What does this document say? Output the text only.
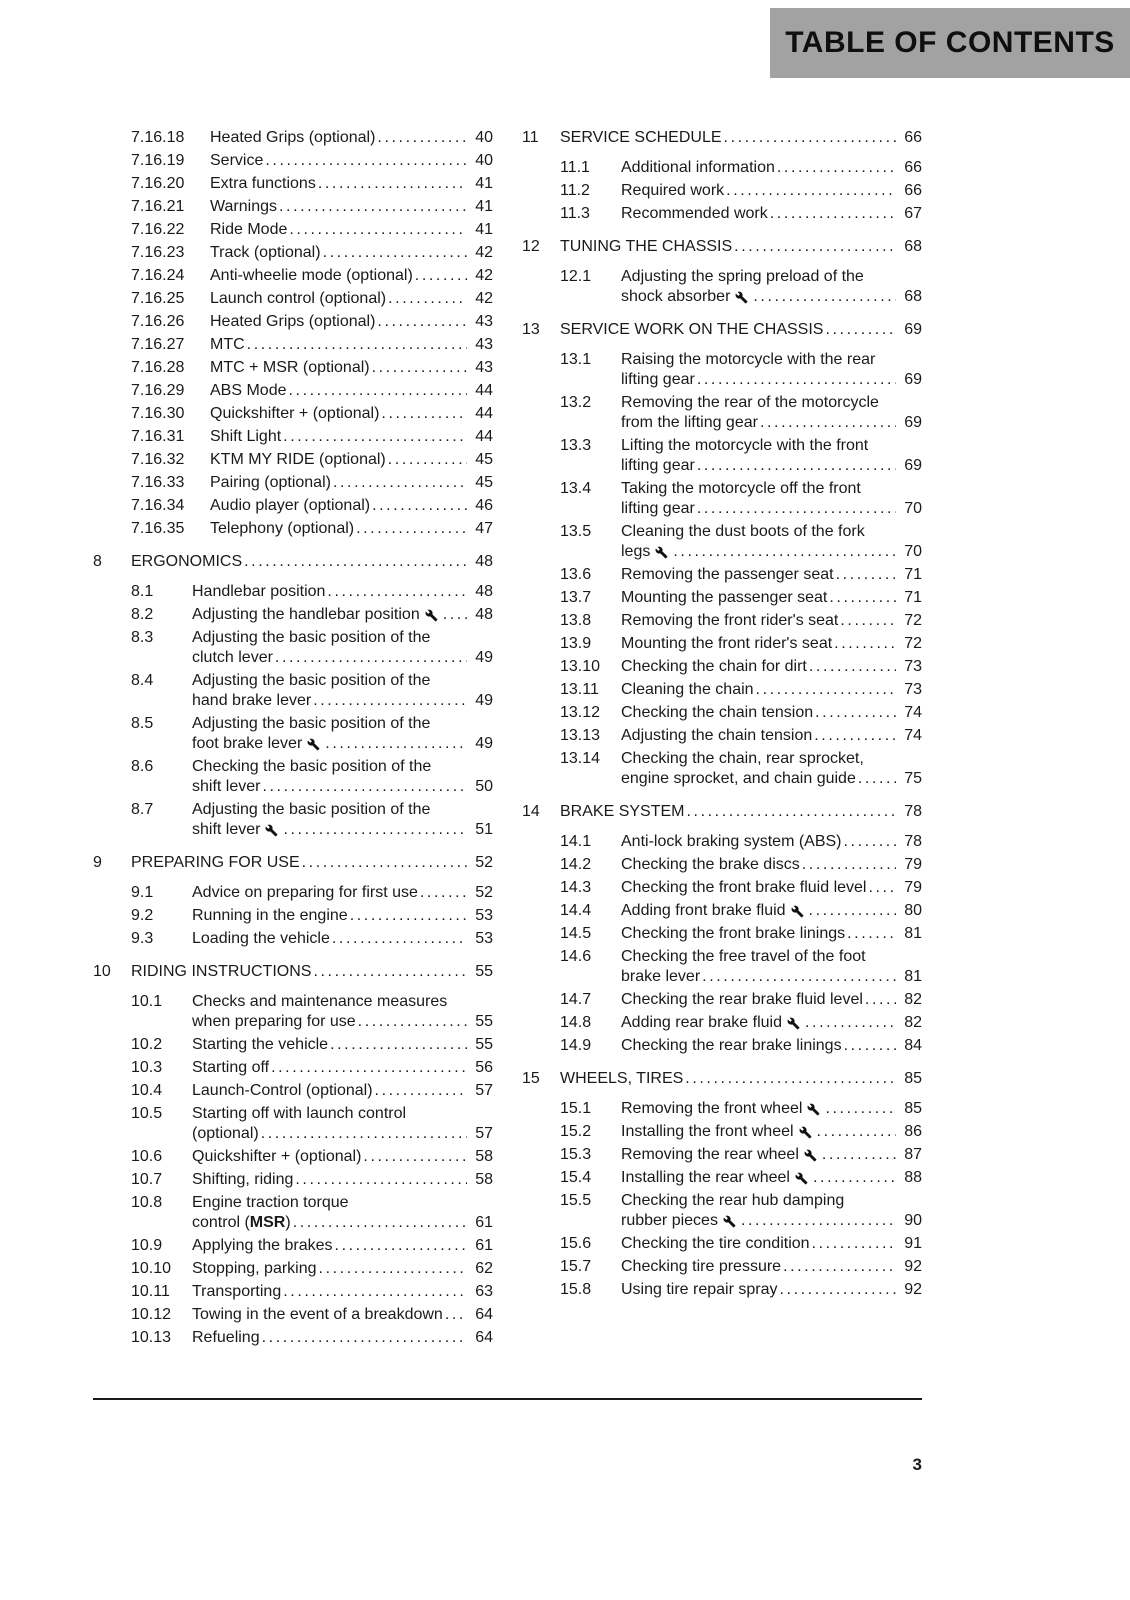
TABLE OF CONTENTS
7.16.18	Heated Grips (optional) .....	40
7.16.19	Service .....	40
7.16.20	Extra functions .....	41
7.16.21	Warnings .....	41
7.16.22	Ride Mode .....	41
7.16.23	Track (optional) .....	42
7.16.24	Anti-wheelie mode (optional) .....	42
7.16.25	Launch control (optional) .....	42
7.16.26	Heated Grips (optional) .....	43
7.16.27	MTC .....	43
7.16.28	MTC + MSR (optional) .....	43
7.16.29	ABS Mode .....	44
7.16.30	Quickshifter + (optional) .....	44
7.16.31	Shift Light .....	44
7.16.32	KTM MY RIDE (optional) .....	45
7.16.33	Pairing (optional) .....	45
7.16.34	Audio player (optional) .....	46
7.16.35	Telephony (optional) .....	47
8	ERGONOMICS .....	48
8.1	Handlebar position .....	48
8.2	Adjusting the handlebar position .....	48
8.3	Adjusting the basic position of the
clutch lever .....	49
8.4	Adjusting the basic position of the
hand brake lever .....	49
8.5	Adjusting the basic position of the
foot brake lever .....	49
8.6	Checking the basic position of the
shift lever .....	50
8.7	Adjusting the basic position of the
shift lever .....	51
9	PREPARING FOR USE .....	52
9.1	Advice on preparing for first use .....	52
9.2	Running in the engine .....	53
9.3	Loading the vehicle .....	53
10	RIDING INSTRUCTIONS .....	55
10.1	Checks and maintenance measures
when preparing for use .....	55
10.2	Starting the vehicle .....	55
10.3	Starting off .....	56
10.4	Launch-Control (optional) .....	57
10.5	Starting off with launch control
(optional) .....	57
10.6	Quickshifter + (optional) .....	58
10.7	Shifting, riding .....	58
10.8	Engine traction torque
control (MSR) .....	61
10.9	Applying the brakes .....	61
10.10	Stopping, parking .....	62
10.11	Transporting .....	63
10.12	Towing in the event of a breakdown .....	64
10.13	Refueling .....	64
11	SERVICE SCHEDULE .....	66
11.1	Additional information .....	66
11.2	Required work .....	66
11.3	Recommended work .....	67
12	TUNING THE CHASSIS .....	68
12.1	Adjusting the spring preload of the
shock absorber .....	68
13	SERVICE WORK ON THE CHASSIS .....	69
13.1	Raising the motorcycle with the rear
lifting gear .....	69
13.2	Removing the rear of the motorcycle
from the lifting gear .....	69
13.3	Lifting the motorcycle with the front
lifting gear .....	69
13.4	Taking the motorcycle off the front
lifting gear .....	70
13.5	Cleaning the dust boots of the fork
legs .....	70
13.6	Removing the passenger seat .....	71
13.7	Mounting the passenger seat .....	71
13.8	Removing the front rider's seat .....	72
13.9	Mounting the front rider's seat .....	72
13.10	Checking the chain for dirt .....	73
13.11	Cleaning the chain .....	73
13.12	Checking the chain tension .....	74
13.13	Adjusting the chain tension .....	74
13.14	Checking the chain, rear sprocket,
engine sprocket, and chain guide .....	75
14	BRAKE SYSTEM .....	78
14.1	Anti-lock braking system (ABS) .....	78
14.2	Checking the brake discs .....	79
14.3	Checking the front brake fluid level .....	79
14.4	Adding front brake fluid .....	80
14.5	Checking the front brake linings .....	81
14.6	Checking the free travel of the foot
brake lever .....	81
14.7	Checking the rear brake fluid level .....	82
14.8	Adding rear brake fluid .....	82
14.9	Checking the rear brake linings .....	84
15	WHEELS, TIRES .....	85
15.1	Removing the front wheel .....	85
15.2	Installing the front wheel .....	86
15.3	Removing the rear wheel .....	87
15.4	Installing the rear wheel .....	88
15.5	Checking the rear hub damping
rubber pieces .....	90
15.6	Checking the tire condition .....	91
15.7	Checking tire pressure .....	92
15.8	Using tire repair spray .....	92
3
